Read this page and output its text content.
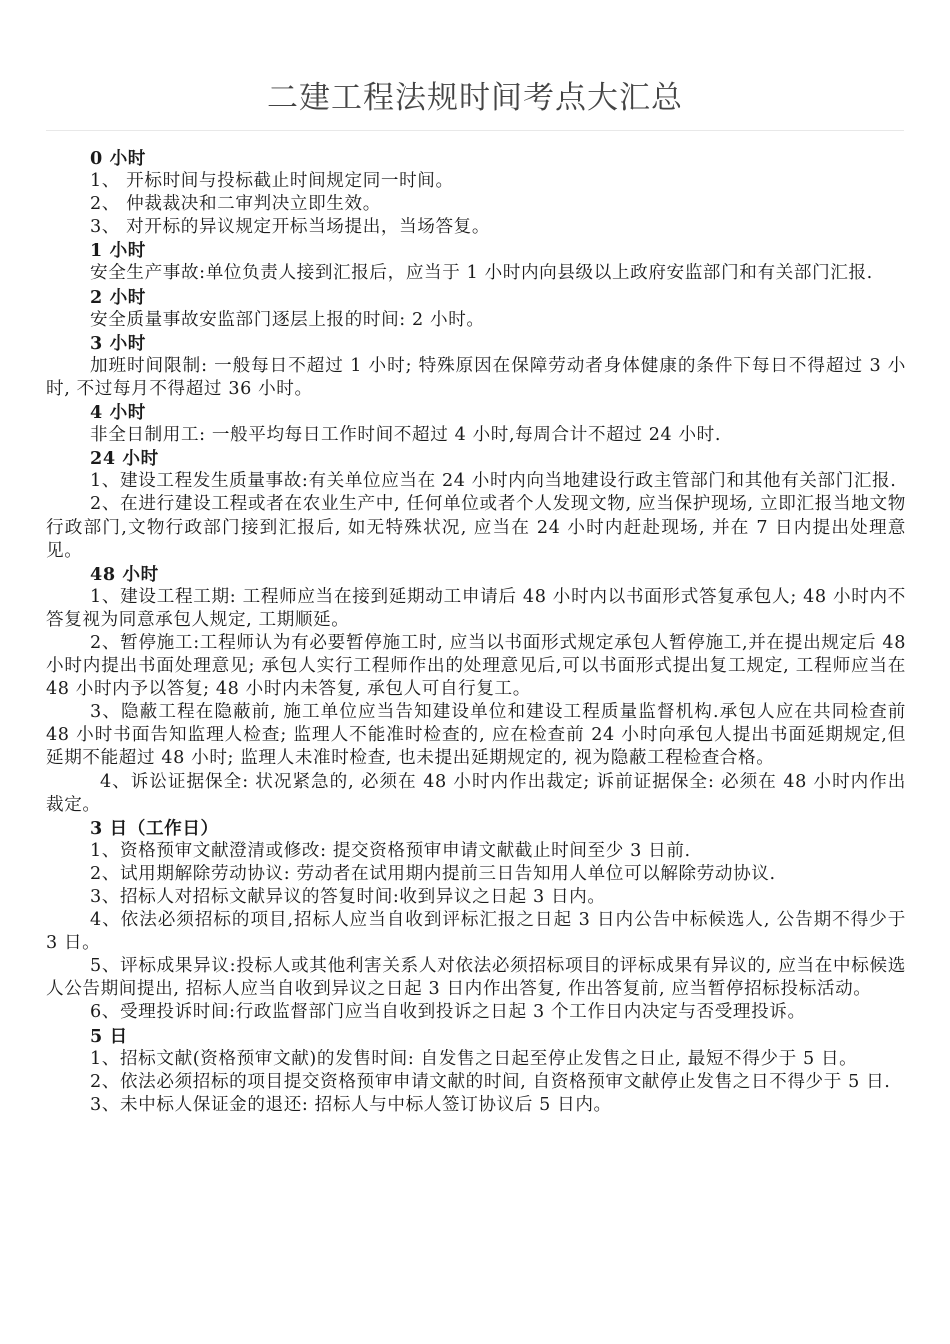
二建工程法规时间考点大汇总
0 小时
1、 开标时间与投标截止时间规定同一时间。
2、 仲裁裁决和二审判决立即生效。
3、 对开标的异议规定开标当场提出，当场答复。
1 小时
安全生产事故:单位负责人接到汇报后，应当于 1 小时内向县级以上政府安监部门和有关部门汇报.
2 小时
安全质量事故安监部门逐层上报的时间: 2 小时。
3 小时
加班时间限制: 一般每日不超过 1 小时; 特殊原因在保障劳动者身体健康的条件下每日不得超过 3 小时, 不过每月不得超过 36 小时。
4 小时
非全日制用工: 一般平均每日工作时间不超过 4 小时,每周合计不超过 24 小时.
24 小时
1、建设工程发生质量事故:有关单位应当在 24 小时内向当地建设行政主管部门和其他有关部门汇报.
2、在进行建设工程或者在农业生产中, 任何单位或者个人发现文物, 应当保护现场, 立即汇报当地文物行政部门,文物行政部门接到汇报后, 如无特殊状况, 应当在 24 小时内赶赴现场, 并在 7 日内提出处理意见。
48 小时
1、建设工程工期: 工程师应当在接到延期动工申请后 48 小时内以书面形式答复承包人; 48 小时内不答复视为同意承包人规定, 工期顺延。
2、暂停施工:工程师认为有必要暂停施工时, 应当以书面形式规定承包人暂停施工,并在提出规定后 48 小时内提出书面处理意见; 承包人实行工程师作出的处理意见后,可以书面形式提出复工规定, 工程师应当在 48 小时内予以答复; 48 小时内未答复, 承包人可自行复工。
3、隐蔽工程在隐蔽前, 施工单位应当告知建设单位和建设工程质量监督机构.承包人应在共同检查前 48 小时书面告知监理人检查; 监理人不能准时检查的, 应在检查前 24 小时向承包人提出书面延期规定,但延期不能超过 48 小时; 监理人未准时检查, 也未提出延期规定的, 视为隐蔽工程检查合格。
4、诉讼证据保全: 状况紧急的, 必须在 48 小时内作出裁定; 诉前证据保全: 必须在 48 小时内作出裁定。
3 日（工作日）
1、资格预审文献澄清或修改: 提交资格预审申请文献截止时间至少 3 日前.
2、试用期解除劳动协议: 劳动者在试用期内提前三日告知用人单位可以解除劳动协议.
3、招标人对招标文献异议的答复时间:收到异议之日起 3 日内。
4、依法必须招标的项目,招标人应当自收到评标汇报之日起 3 日内公告中标候选人, 公告期不得少于 3 日。
5、评标成果异议:投标人或其他利害关系人对依法必须招标项目的评标成果有异议的, 应当在中标候选人公告期间提出, 招标人应当自收到异议之日起 3 日内作出答复, 作出答复前, 应当暂停招标投标活动。
6、受理投诉时间:行政监督部门应当自收到投诉之日起 3 个工作日内决定与否受理投诉。
5 日
1、招标文献(资格预审文献)的发售时间: 自发售之日起至停止发售之日止, 最短不得少于 5 日。
2、依法必须招标的项目提交资格预审申请文献的时间, 自资格预审文献停止发售之日不得少于 5 日.
3、未中标人保证金的退还: 招标人与中标人签订协议后 5 日内。
